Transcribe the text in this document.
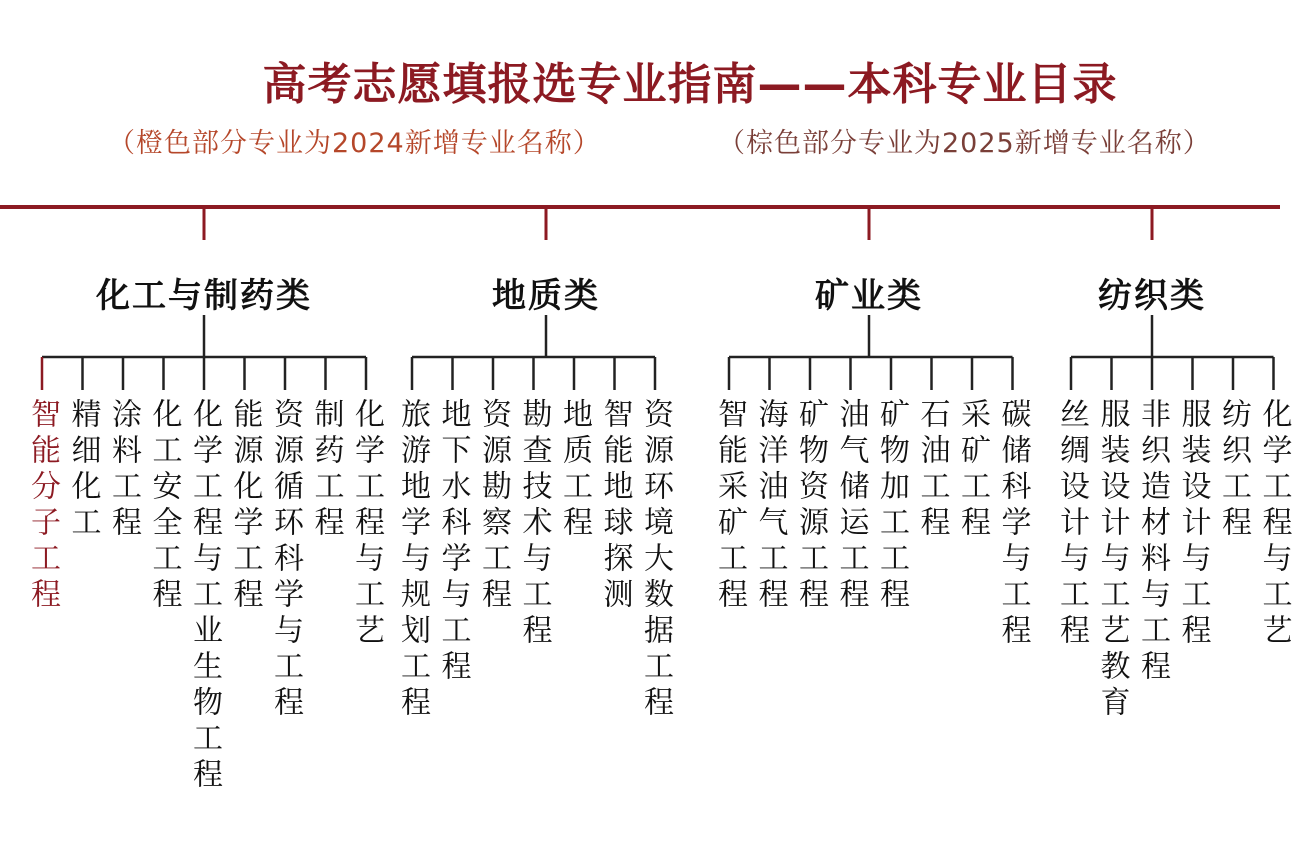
高考志愿填报选专业指南——本科专业目录
（橙色部分专业为2024新增专业名称）	（棕色部分专业为2025新增专业名称）
化工与制药类
智能分子工程 精细化工 涂料工程 化工安全工程 化学工程与工业生物工程 能源化学工程 资源循环科学与工程 制药工程 化学工程与工艺
地质类
旅游地学与规划工程 地下水科学与工程 资源勘察工程 勘查技术与工程 地质工程 智能地球探测 资源环境大数据工程
矿业类
智能采矿工程 海洋油气工程 矿物资源工程 油气储运工程 矿物加工工程 石油工程 采矿工程 碳储科学与工程
纺织类
丝绸设计与工程 服装设计与工艺教育 非织造材料与工程 服装设计与工程 纺织工程 化学工程与工艺
